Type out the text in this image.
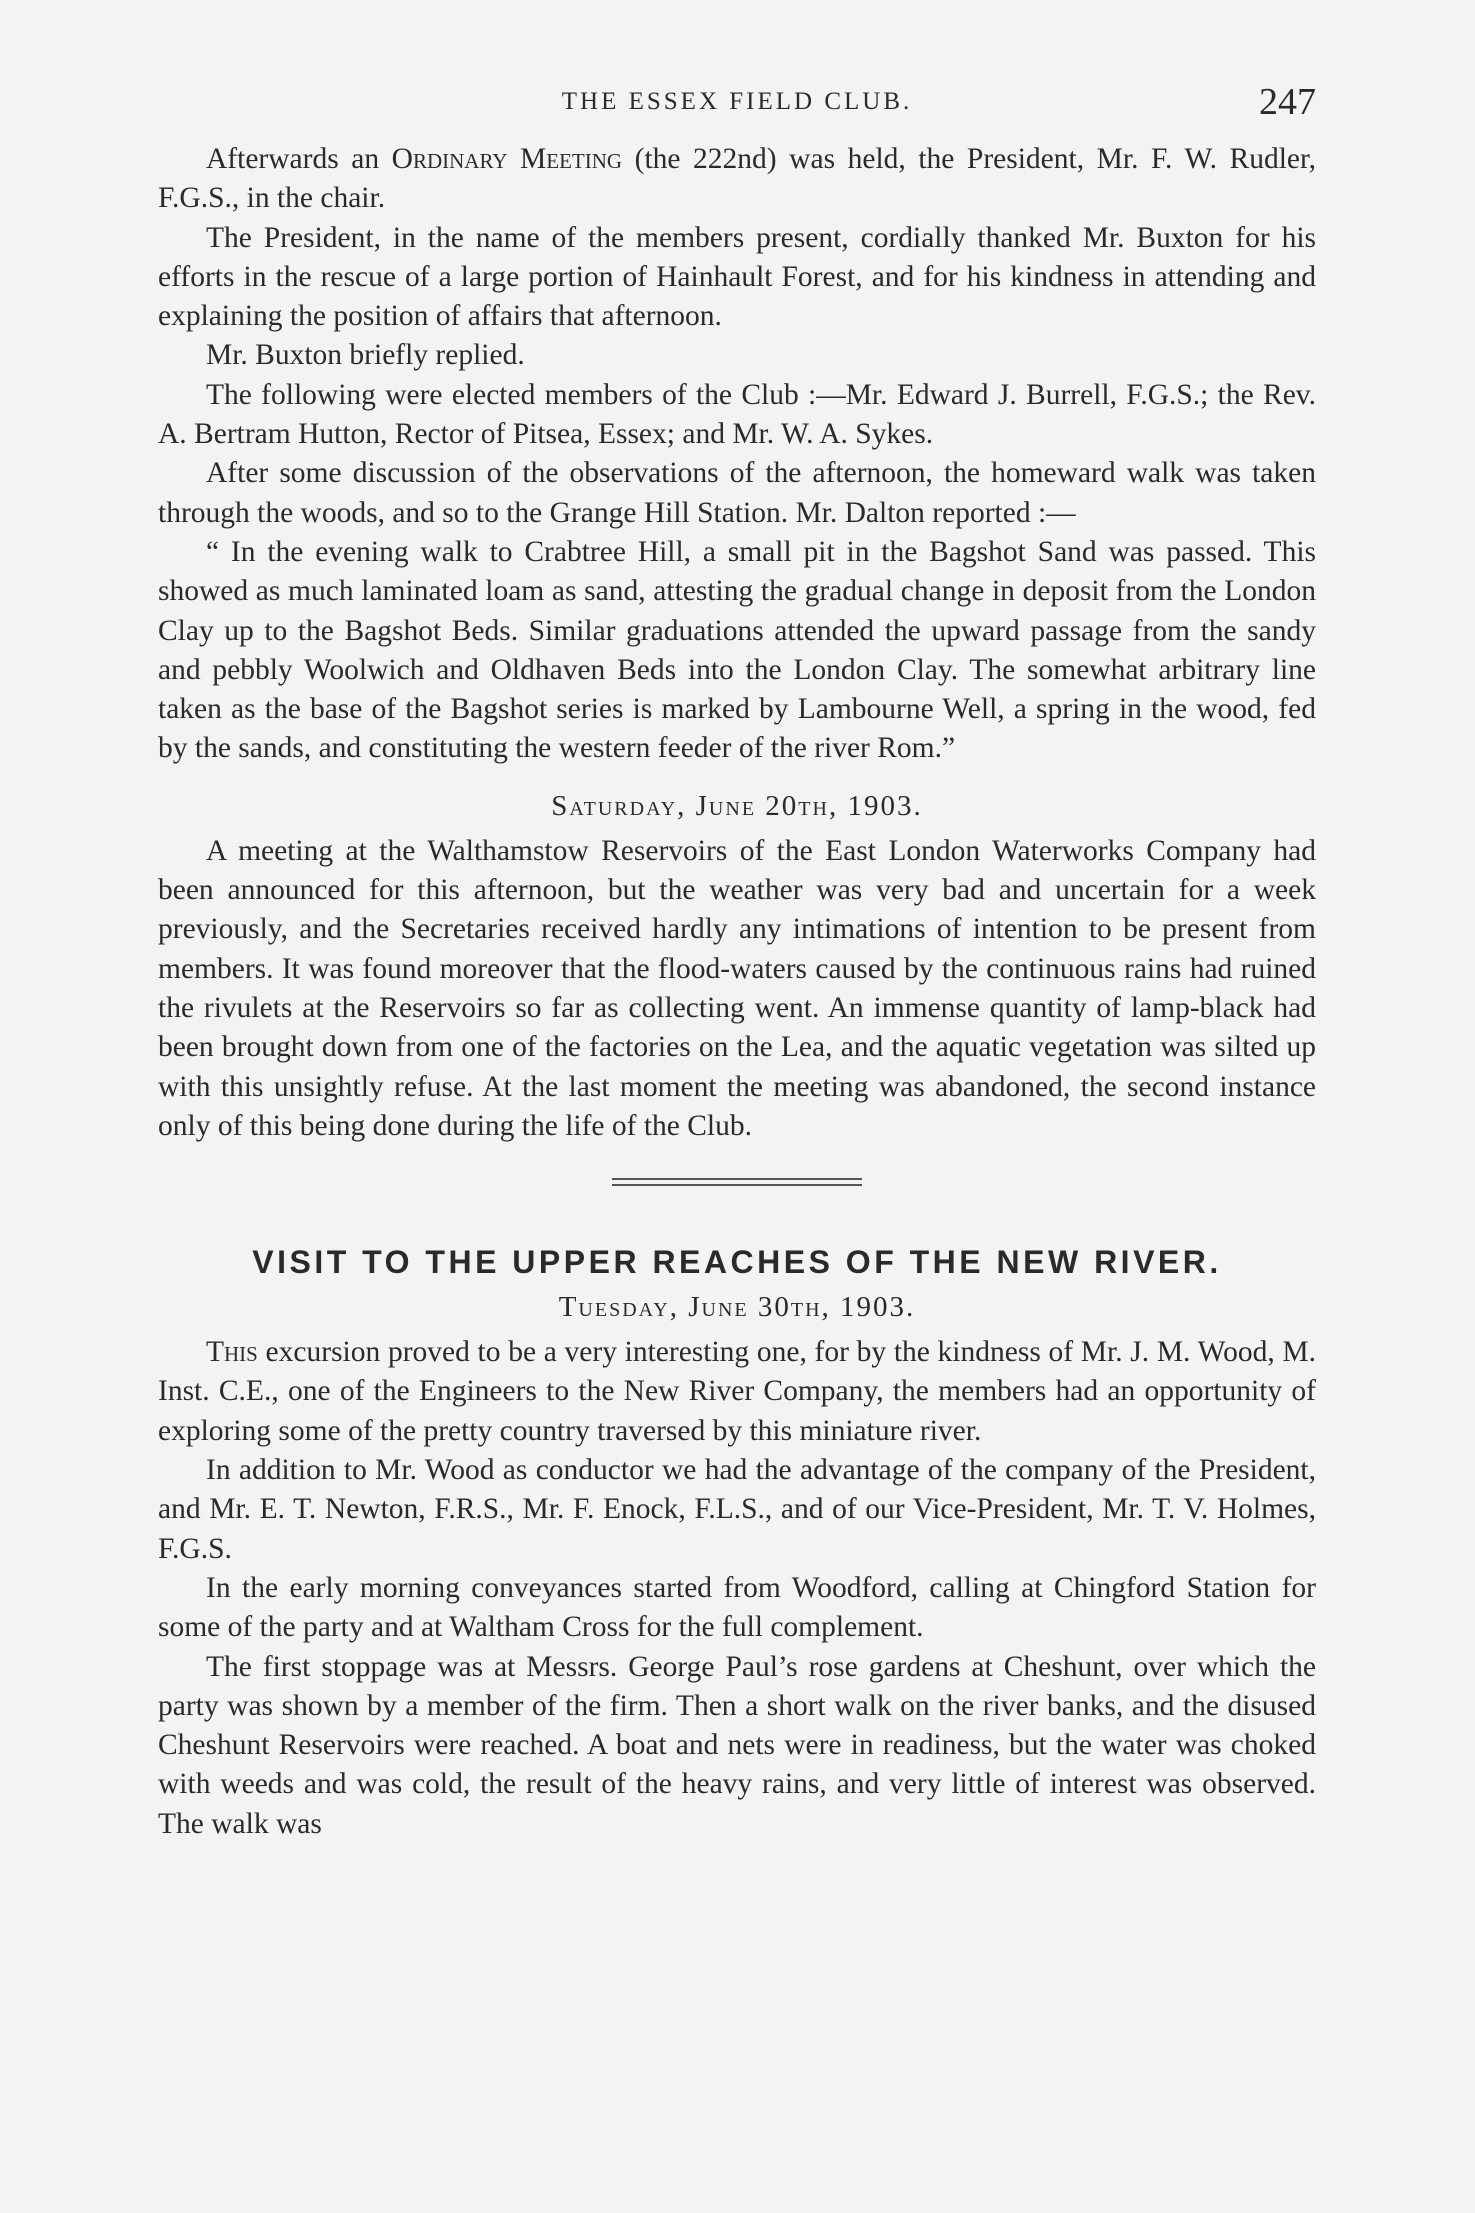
THE ESSEX FIELD CLUB.	247

Afterwards an Ordinary Meeting (the 222nd) was held, the President, Mr. F. W. Rudler, F.G.S., in the chair.

The President, in the name of the members present, cordially thanked Mr. Buxton for his efforts in the rescue of a large portion of Hainhault Forest, and for his kindness in attending and explaining the position of affairs that afternoon.

Mr. Buxton briefly replied.

The following were elected members of the Club :—Mr. Edward J. Burrell, F.G.S.; the Rev. A. Bertram Hutton, Rector of Pitsea, Essex; and Mr. W. A. Sykes.

After some discussion of the observations of the afternoon, the homeward walk was taken through the woods, and so to the Grange Hill Station. Mr. Dalton reported :—

“ In the evening walk to Crabtree Hill, a small pit in the Bagshot Sand was passed. This showed as much laminated loam as sand, attesting the gradual change in deposit from the London Clay up to the Bagshot Beds. Similar graduations attended the upward passage from the sandy and pebbly Woolwich and Oldhaven Beds into the London Clay. The somewhat arbitrary line taken as the base of the Bagshot series is marked by Lambourne Well, a spring in the wood, fed by the sands, and constituting the western feeder of the river Rom.”

Saturday, June 20th, 1903.

A meeting at the Walthamstow Reservoirs of the East London Waterworks Company had been announced for this afternoon, but the weather was very bad and uncertain for a week previously, and the Secretaries received hardly any intimations of intention to be present from members. It was found moreover that the flood-waters caused by the continuous rains had ruined the rivulets at the Reservoirs so far as collecting went. An immense quantity of lamp-black had been brought down from one of the factories on the Lea, and the aquatic vegetation was silted up with this unsightly refuse. At the last moment the meeting was abandoned, the second instance only of this being done during the life of the Club.

VISIT TO THE UPPER REACHES OF THE NEW RIVER.
Tuesday, June 30th, 1903.

This excursion proved to be a very interesting one, for by the kindness of Mr. J. M. Wood, M. Inst. C.E., one of the Engineers to the New River Company, the members had an opportunity of exploring some of the pretty country traversed by this miniature river.

In addition to Mr. Wood as conductor we had the advantage of the company of the President, and Mr. E. T. Newton, F.R.S., Mr. F. Enock, F.L.S., and of our Vice-President, Mr. T. V. Holmes, F.G.S.

In the early morning conveyances started from Woodford, calling at Chingford Station for some of the party and at Waltham Cross for the full complement.

The first stoppage was at Messrs. George Paul’s rose gardens at Cheshunt, over which the party was shown by a member of the firm. Then a short walk on the river banks, and the disused Cheshunt Reservoirs were reached. A boat and nets were in readiness, but the water was choked with weeds and was cold, the result of the heavy rains, and very little of interest was observed. The walk was
